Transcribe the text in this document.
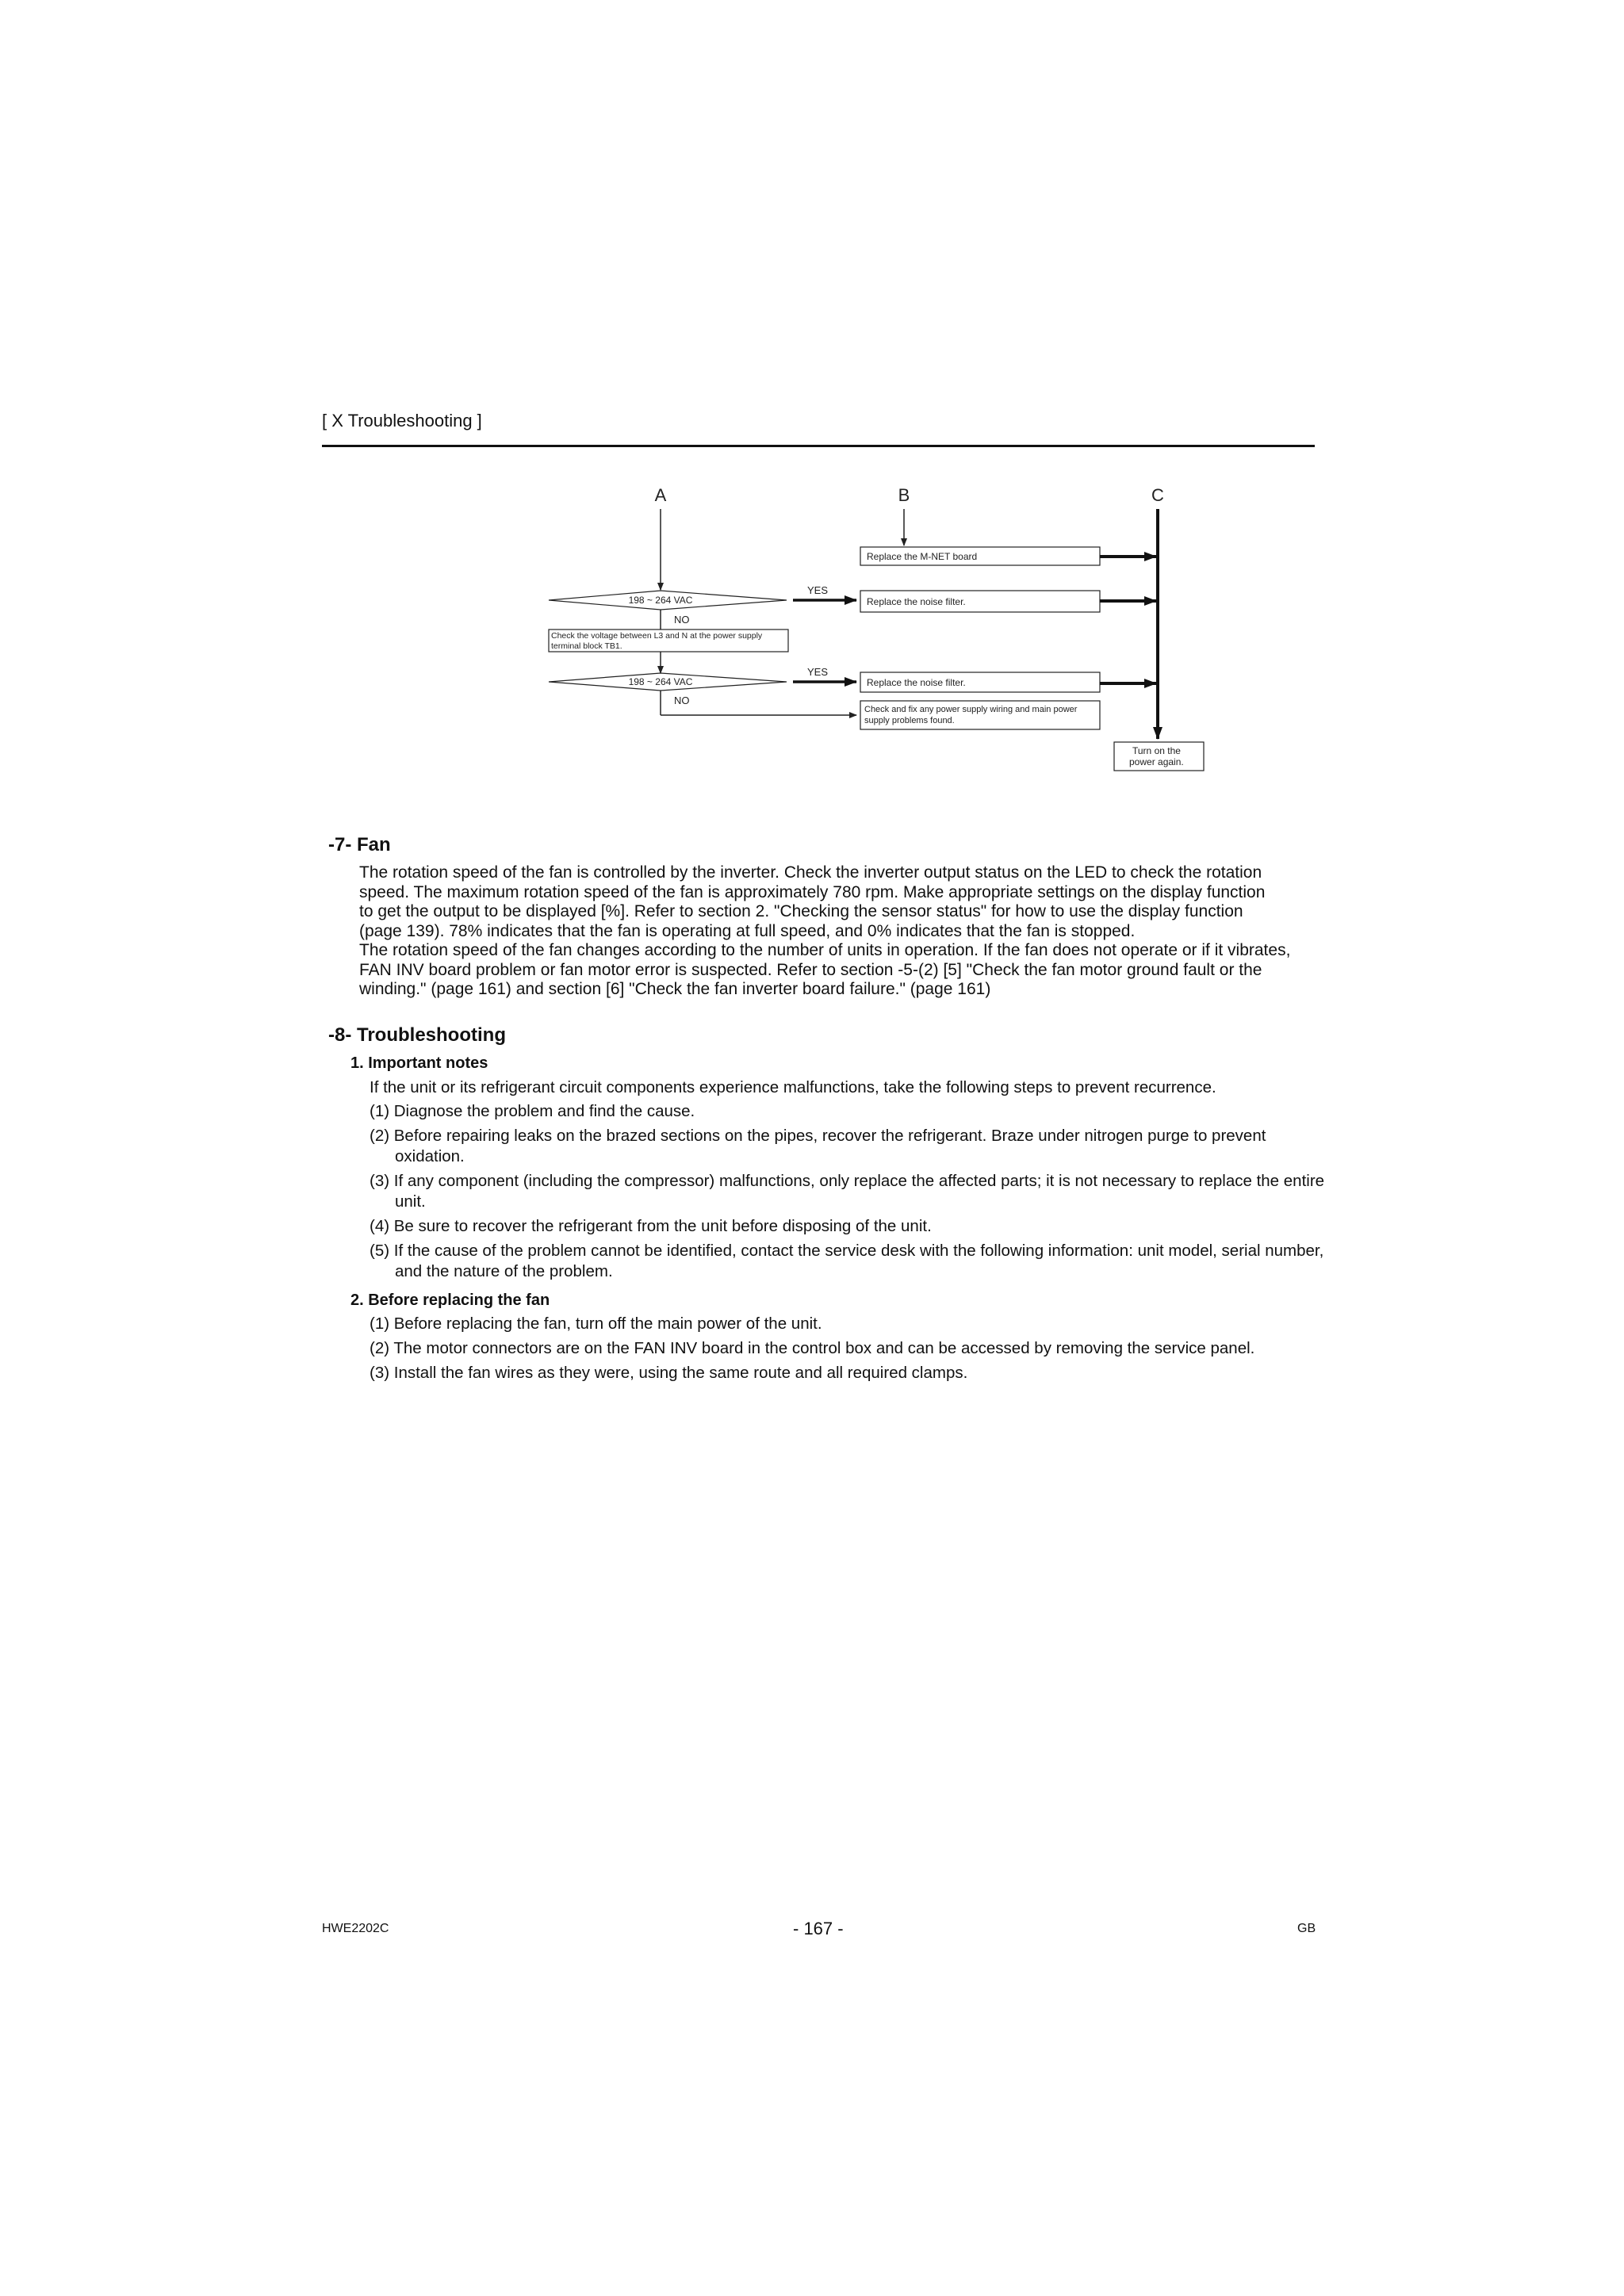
[ X Troubleshooting ]
A	B	C
Replace the M-NET board
198 ~ 264 VAC
YES
Replace the noise filter.
NO
Check the voltage between L3 and N at the power supply
terminal block TB1.
198 ~ 264 VAC
YES
Replace the noise filter.
NO
Check and fix any power supply wiring and main power
supply problems found.
Turn on the
power again.
-7- Fan
The rotation speed of the fan is controlled by the inverter. Check the inverter output status on the LED to check the rotation
speed. The maximum rotation speed of the fan is approximately 780 rpm. Make appropriate settings on the display function
to get the output to be displayed [%]. Refer to section 2. "Checking the sensor status" for how to use the display function
(page 139). 78% indicates that the fan is operating at full speed, and 0% indicates that the fan is stopped.
The rotation speed of the fan changes according to the number of units in operation. If the fan does not operate or if it vibrates,
FAN INV board problem or fan motor error is suspected. Refer to section -5-(2) [5] "Check the fan motor ground fault or the
winding." (page 161) and section [6] "Check the fan inverter board failure." (page 161)
-8- Troubleshooting
1. Important notes
If the unit or its refrigerant circuit components experience malfunctions, take the following steps to prevent recurrence.
(1) Diagnose the problem and find the cause.
(2) Before repairing leaks on the brazed sections on the pipes, recover the refrigerant. Braze under nitrogen purge to prevent oxidation.
(3) If any component (including the compressor) malfunctions, only replace the affected parts; it is not necessary to replace the entire unit.
(4) Be sure to recover the refrigerant from the unit before disposing of the unit.
(5) If the cause of the problem cannot be identified, contact the service desk with the following information: unit model, serial number, and the nature of the problem.
2. Before replacing the fan
(1) Before replacing the fan, turn off the main power of the unit.
(2) The motor connectors are on the FAN INV board in the control box and can be accessed by removing the service panel.
(3) Install the fan wires as they were, using the same route and all required clamps.
HWE2202C	- 167 -	GB
